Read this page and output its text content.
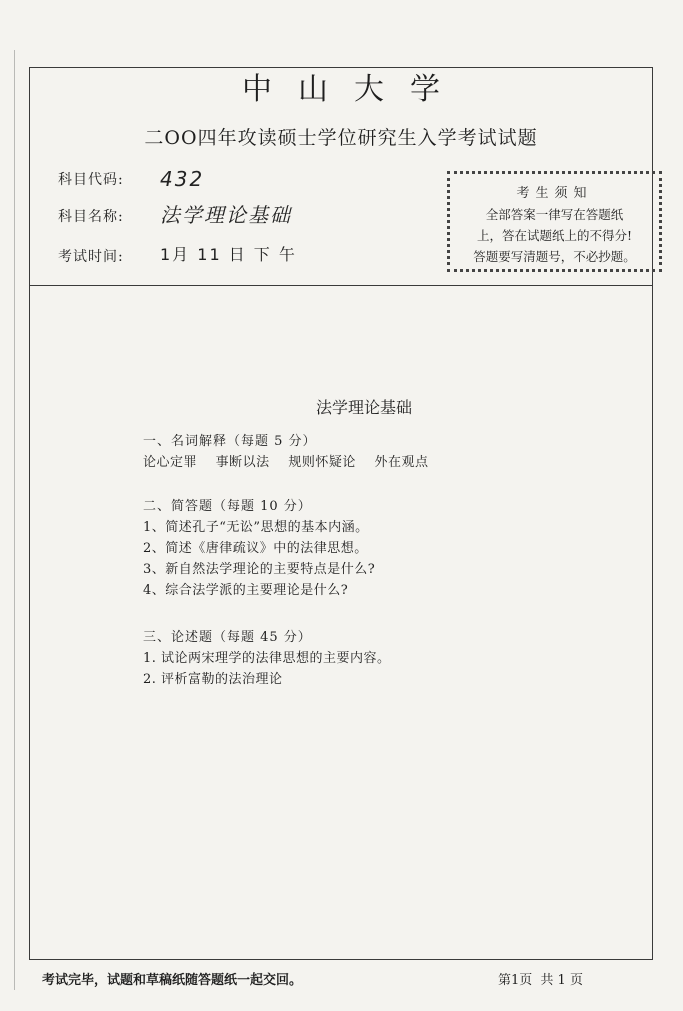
中山大学
二OO四年攻读硕士学位研究生入学考试试题
科目代码: 432
科目名称: 法学理论基础
考试时间: 1月 11 日 下 午
考生须知
全部答案一律写在答题纸
上，答在试题纸上的不得分!
答题要写清题号，不必抄题。
法学理论基础
一、名词解释（每题 5 分）
论心定罪 事断以法 规则怀疑论 外在观点
二、简答题（每题 10 分）
1、简述孔子“无讼”思想的基本内涵。
2、简述《唐律疏议》中的法律思想。
3、新自然法学理论的主要特点是什么?
4、综合法学派的主要理论是什么?
三、论述题（每题 45 分）
1. 试论两宋理学的法律思想的主要内容。
2. 评析富勒的法治理论
考试完毕，试题和草稿纸随答题纸一起交回。	第1页 共 1 页
